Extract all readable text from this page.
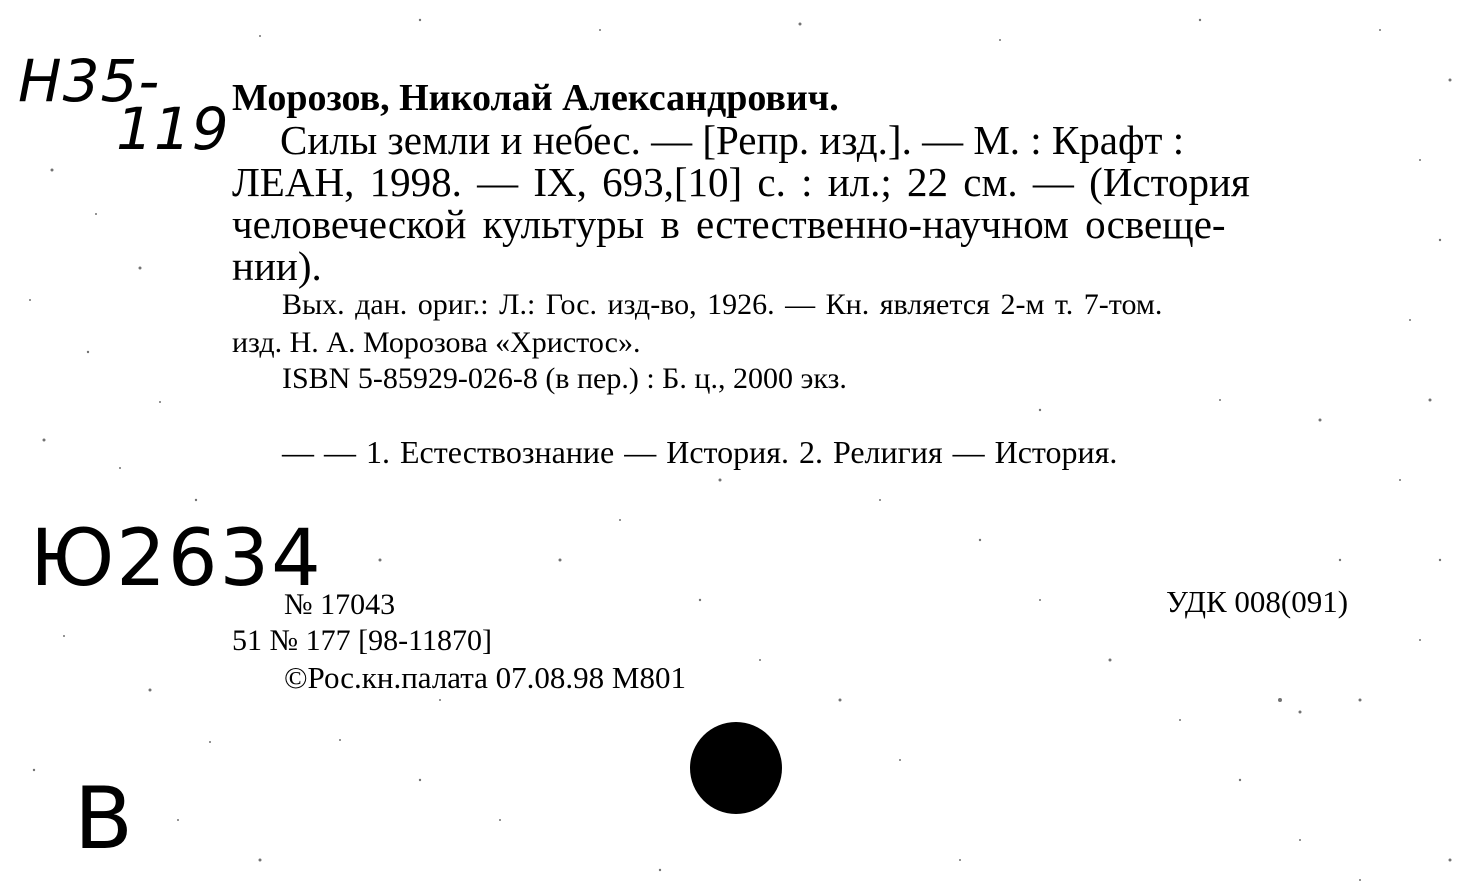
Н35-
119
Ю2634
В
Морозов, Николай Александрович.
Силы земли и небес. — [Репр. изд.]. — М. : Крафт :
ЛЕАН, 1998. — IX, 693,[10] с. : ил.; 22 см. — (История
человеческой культуры в естественно-научном освеще-
нии).
Вых. дан. ориг.: Л.: Гос. изд-во, 1926. — Кн. является 2-м т. 7-том.
изд. Н. А. Морозова «Христос».
ISBN 5-85929-026-8 (в пер.) : Б. ц., 2000 экз.
— — 1. Естествознание — История. 2. Религия — История.
№ 17043	УДК 008(091)
51 № 177 [98-11870]
©Рос.кн.палата 07.08.98 М801
